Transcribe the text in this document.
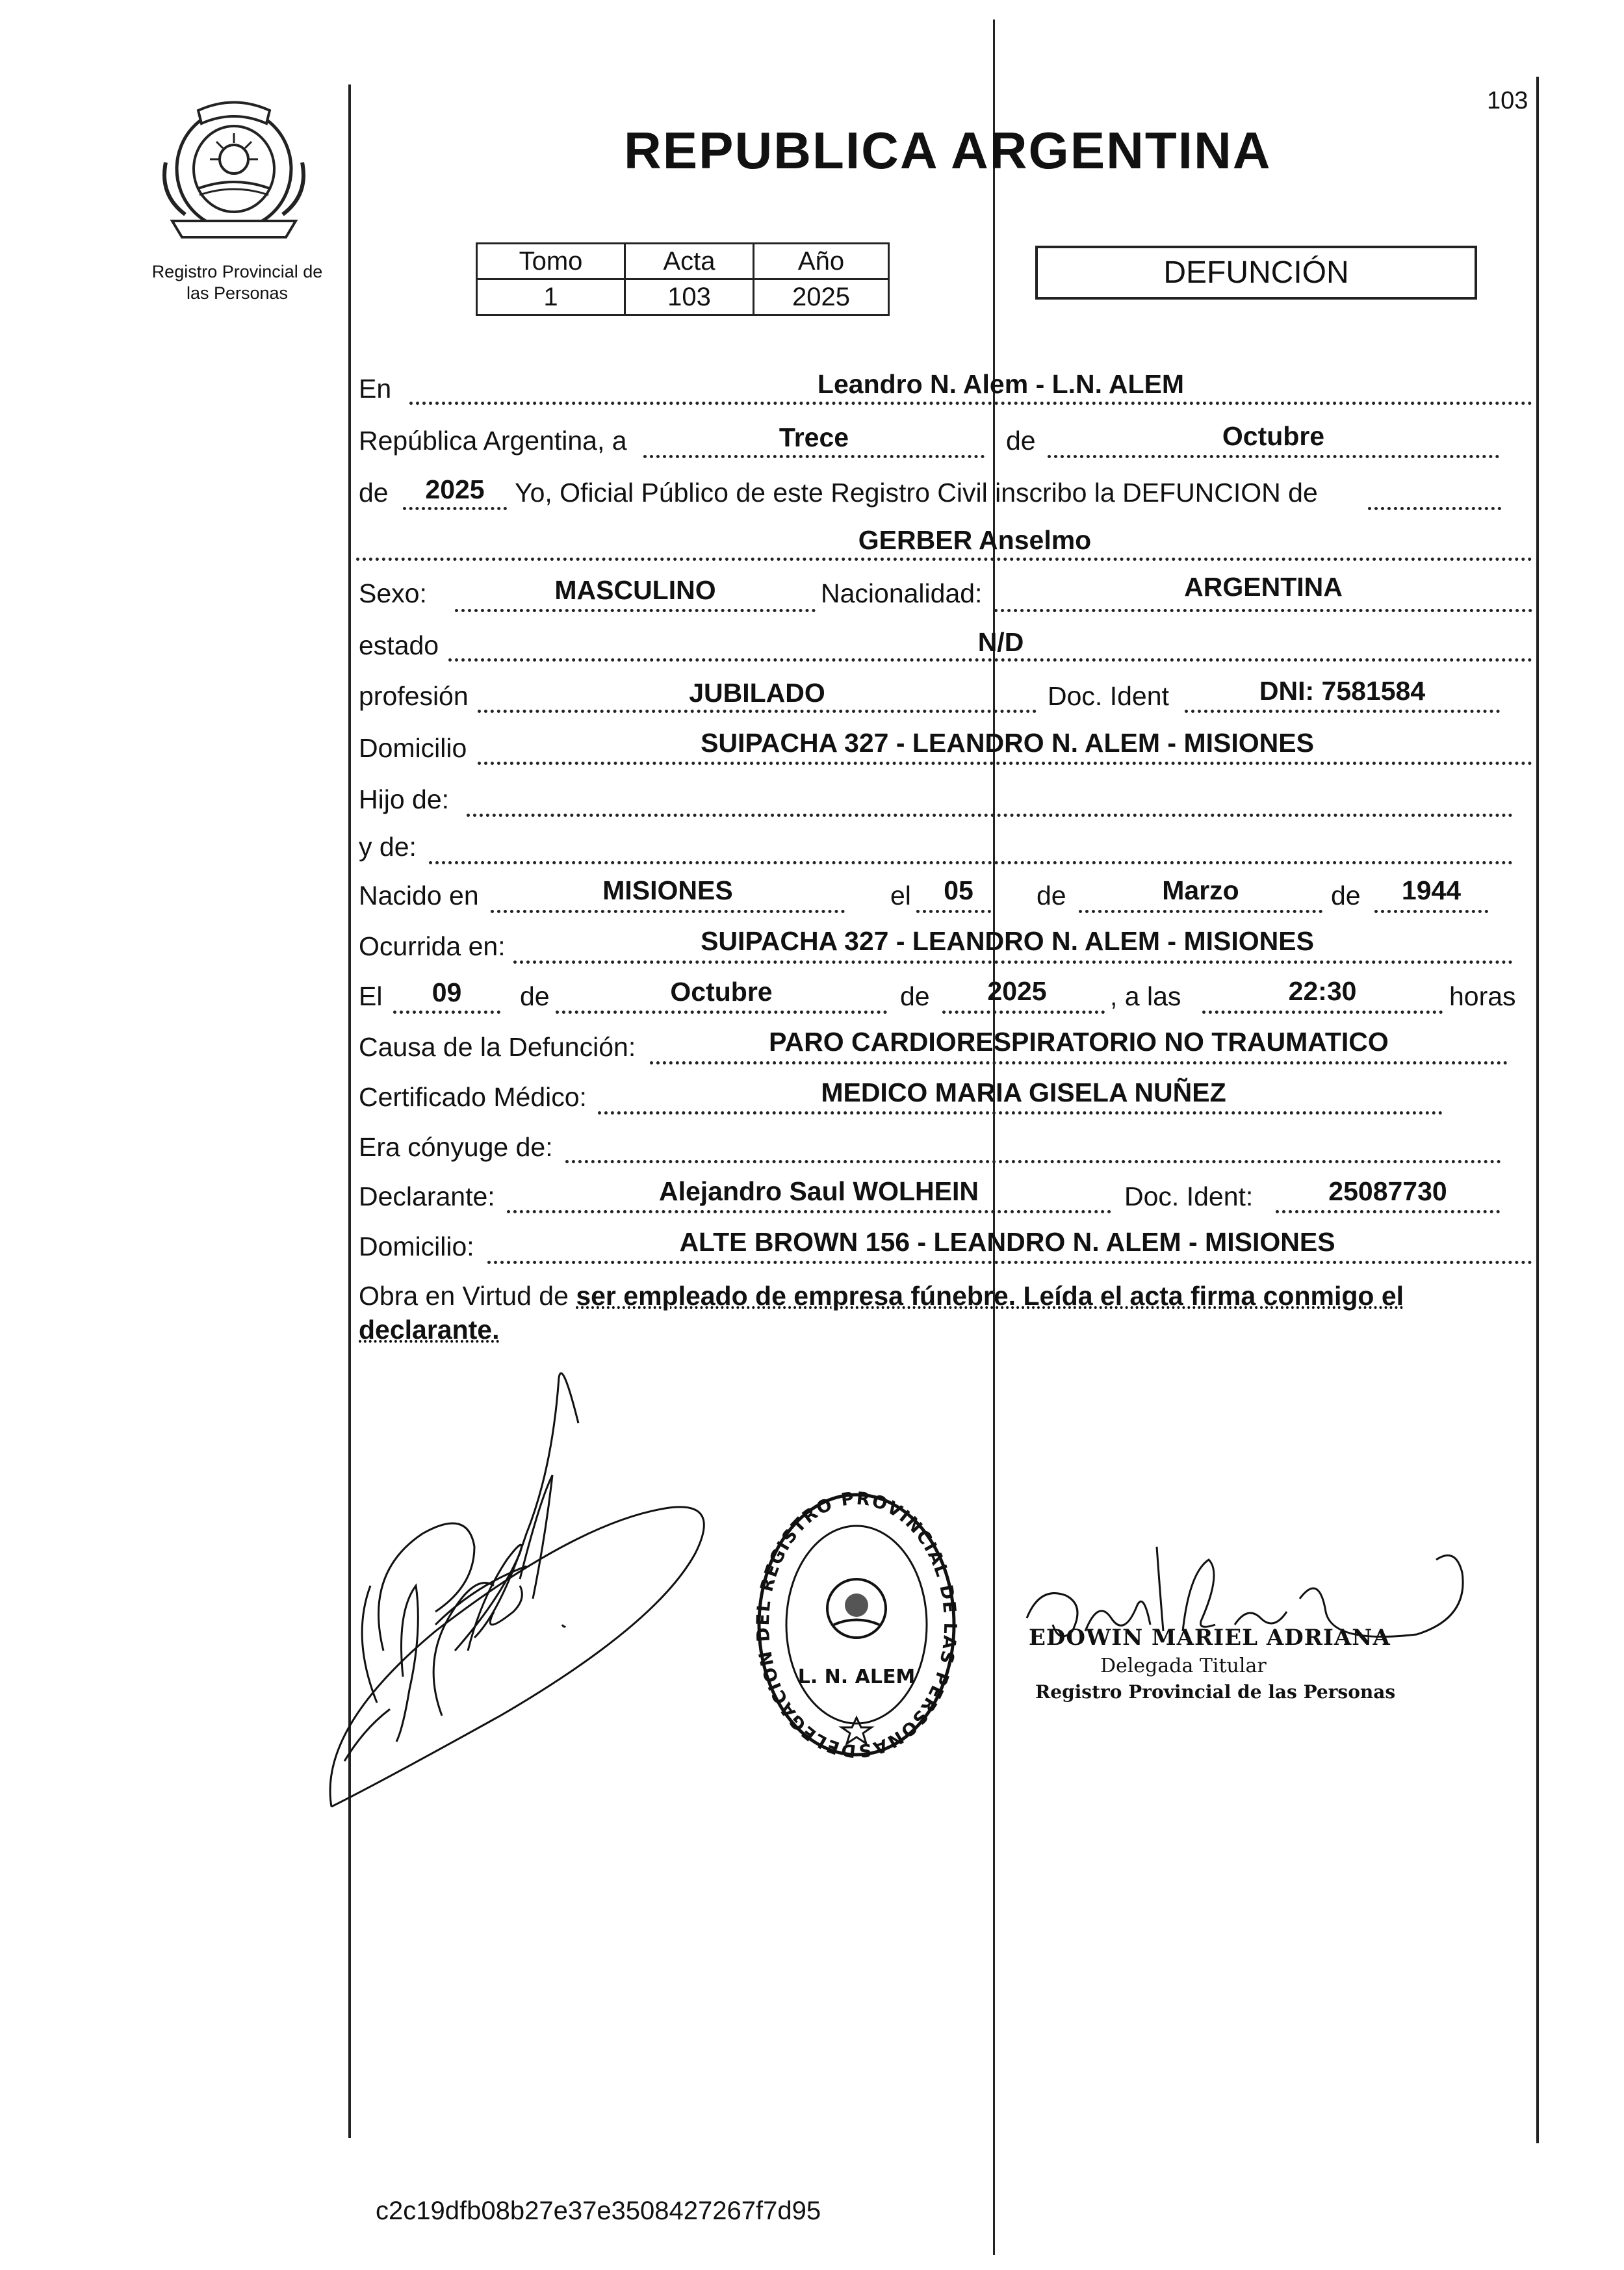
Registro Provincial de
las Personas
103
REPUBLICA ARGENTINA
Tomo	Acta	Año
1	103	2025
DEFUNCIÓN
En	Leandro N. Alem - L.N. ALEM
República Argentina, a	Trece	de	Octubre
de	2025	Yo, Oficial Público de este Registro Civil inscribo la DEFUNCION de
GERBER Anselmo
Sexo:	MASCULINO	Nacionalidad:	ARGENTINA
estado	N/D
profesión	JUBILADO	Doc. Ident	DNI: 7581584
Domicilio	SUIPACHA 327 - LEANDRO N. ALEM - MISIONES
Hijo de:
y de:
Nacido en	MISIONES	el	05	de	Marzo	de	1944
Ocurrida en:	SUIPACHA 327 - LEANDRO N. ALEM - MISIONES
El	09	de	Octubre	de	2025	, a las	22:30	horas
Causa de la Defunción:	PARO CARDIORESPIRATORIO NO TRAUMATICO
Certificado Médico:	MEDICO MARIA GISELA NUÑEZ
Era cónyuge de:
Declarante:	Alejandro Saul WOLHEIN	Doc. Ident:	25087730
Domicilio:	ALTE BROWN 156 - LEANDRO N. ALEM - MISIONES
Obra en Virtud de ser empleado de empresa fúnebre. Leída el acta firma conmigo el declarante.
DELEGACION DEL REGISTRO PROVINCIAL DE LAS PERSONAS
L. N. ALEM
EDOWIN MARIEL ADRIANA
Delegada Titular
Registro Provincial de las Personas
c2c19dfb08b27e37e3508427267f7d95
